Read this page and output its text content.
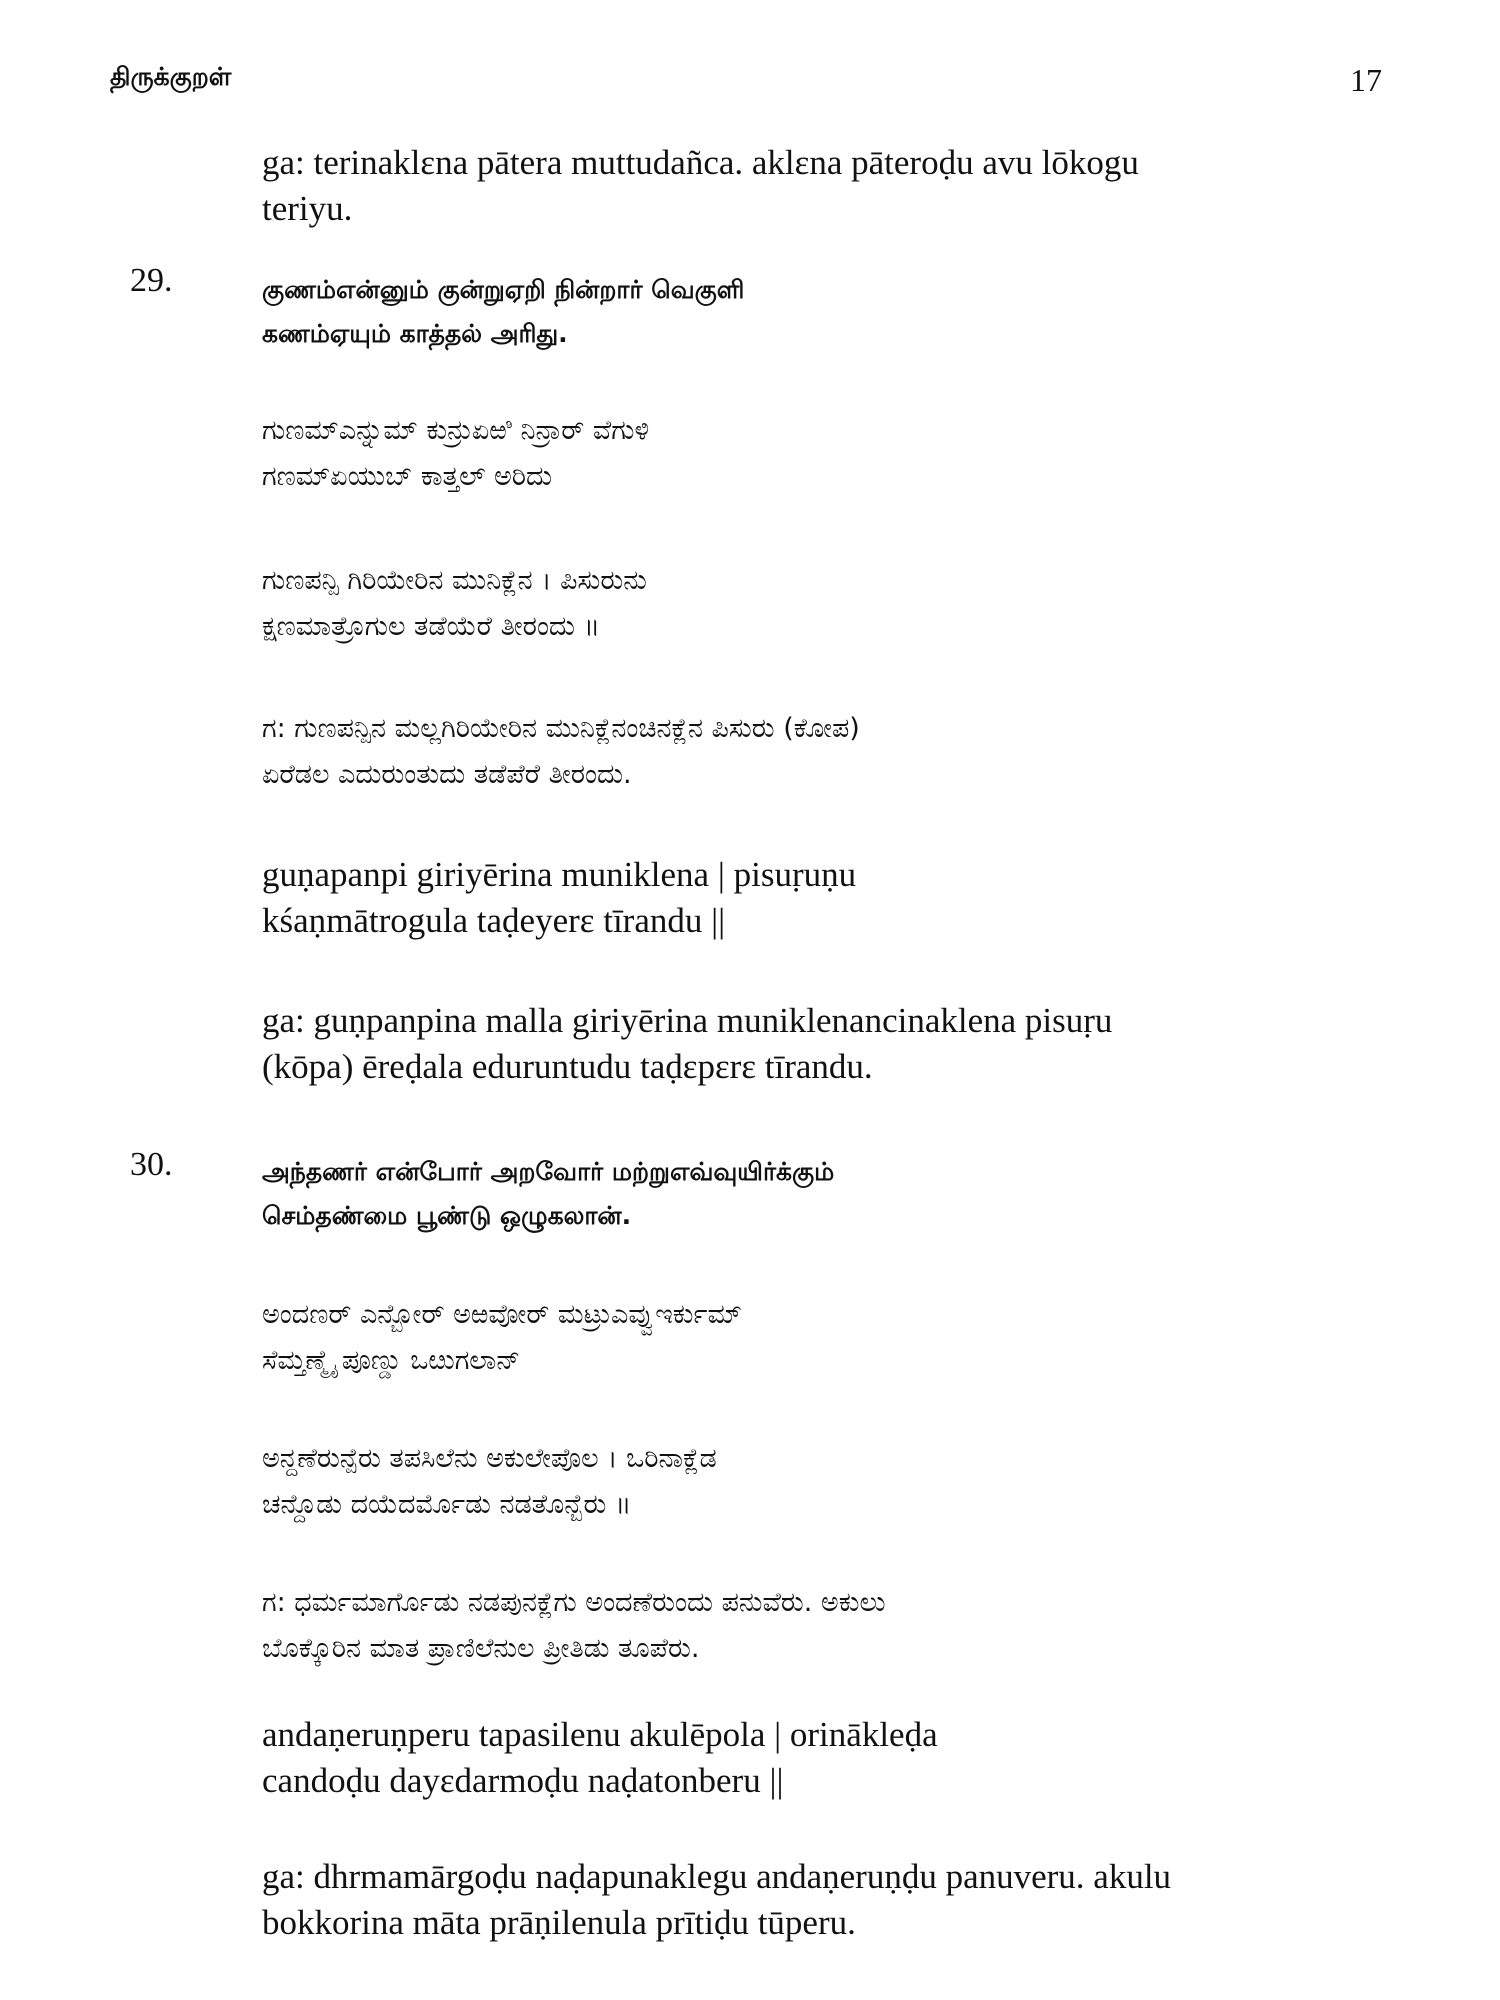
திருக்குறள்	17
ga: terinaklɛna pātera muttudañca. aklɛna pāteroḍu avu lōkogu
teriyu.
29.	குணம்என்னும் குன்றுஏறி நின்றார் வெகுளி
கணம்ஏயும் காத்தல் அரிது.
ಗುಣಮ್ಎನ್ನುಮ್ ಕುನ್ರುಏಱಿ ನಿನ್ರಾರ್ ವೆಗುಳಿ
ಗಣಮ್ಏಯುಬ್ ಕಾತ್ತಲ್ ಅರಿದು
ಗುಣಪನ್ಪಿ ಗಿರಿಯೇರಿನ ಮುನಿಕ್ಲೆನ । ಪಿಸುರುನು
ಕ್ಷಣಮಾತ್ರೊಗುಲ ತಡೆಯೆರೆ ತೀರಂದು ॥
ಗ: ಗುಣಪನ್ಪಿನ ಮಲ್ಲಗಿರಿಯೇರಿನ ಮುನಿಕ್ಲೆನಂಚಿನಕ್ಲೆನ ಪಿಸುರು (ಕೋಪ)
ಏರೆಡಲ ಎದುರುಂತುದು ತಡೆಪೆರೆ ತೀರಂದು.
guṇapanpi giriyērina muniklena | pisuṛuṇu
kśaṇmātrogula taḍeyerɛ tīrandu ||
ga: guṇpanpina malla giriyērina muniklenancinaklena pisuṛu
(kōpa) ēreḍala eduruntudu taḍɛpɛrɛ tīrandu.
30.	அந்தணர் என்போர் அறவோர் மற்றுஎவ்வுயிர்க்கும்
செம்தண்மை பூண்டு ஒழுகலான்.
ಅಂದಣರ್ ಎನ್ಬೋರ್ ಅಱವೋರ್ ಮಟ್ರುಎವ್ವುಇರ್ಕುಮ್
ಸೆಮ್ತಣ್ಮೈ ಪೂಣ್ಡು ಒೞುಗಲಾನ್
ಅನ್ದಣೆರುನ್ಪೆರು ತಪಸಿಲೆನು ಅಕುಲೇಪೊಲ । ಒರಿನಾಕ್ಲೆಡ
ಚನ್ದೊಡು ದಯೆದರ್ಮೊಡು ನಡತೊನ್ಬೆರು ॥
ಗ: ಧರ್ಮಮಾರ್ಗೊಡು ನಡಪುನಕ್ಲೆಗು ಅಂದಣೆರುಂದು ಪನುವೆರು. ಅಕುಲು
ಬೊಕ್ಕೊರಿನ ಮಾತ ಪ್ರಾಣಿಲೆನುಲ ಪ್ರೀತಿಡು ತೂಪೆರು.
andaṇeruṇperu tapasilenu akulēpola | orinākleḍa
candoḍu dayɛdarmoḍu naḍatonberu ||
ga: dhrmamārgoḍu naḍapunaklegu andaṇeruṇḍu panuveru. akulu
bokkorina māta prāṇilenula prītiḍu tūperu.
